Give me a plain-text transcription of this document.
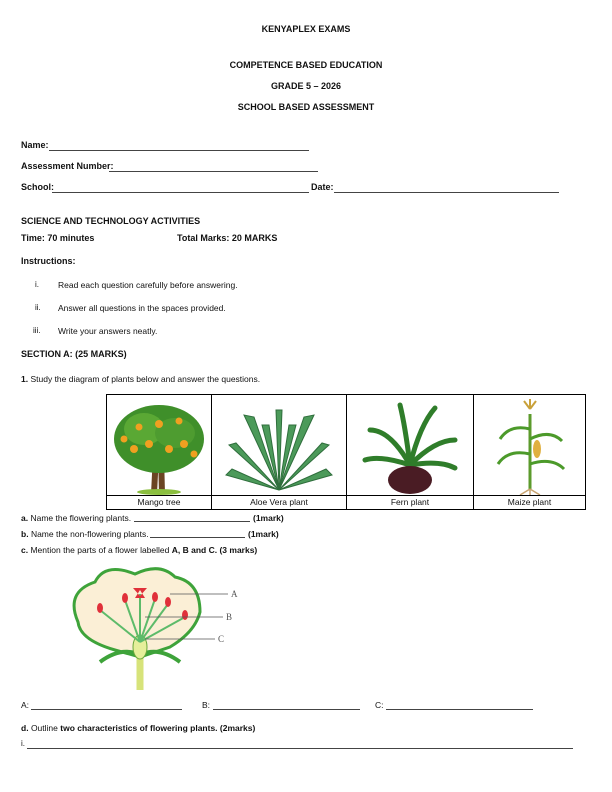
KENYAPLEX EXAMS
COMPETENCE BASED EDUCATION
GRADE 5 – 2026
SCHOOL BASED ASSESSMENT
Name:
Assessment Number:
School:	Date:
SCIENCE AND TECHNOLOGY ACTIVITIES
Time: 70 minutes	Total Marks: 20 MARKS
Instructions:
i. Read each question carefully before answering.
ii. Answer all questions in the spaces provided.
iii. Write your answers neatly.
SECTION A: (25 MARKS)
1. Study the diagram of plants below and answer the questions.

Mango tree	Aloe Vera plant	Fern plant	Maize plant
a. Name the flowering plants.	(1mark)
b. Name the non-flowering plants.	(1mark)
c. Mention the parts of a flower labelled A, B and C. (3 marks)
A
B
C
A:	B:	C:
d. Outline two characteristics of flowering plants. (2marks)
i.
